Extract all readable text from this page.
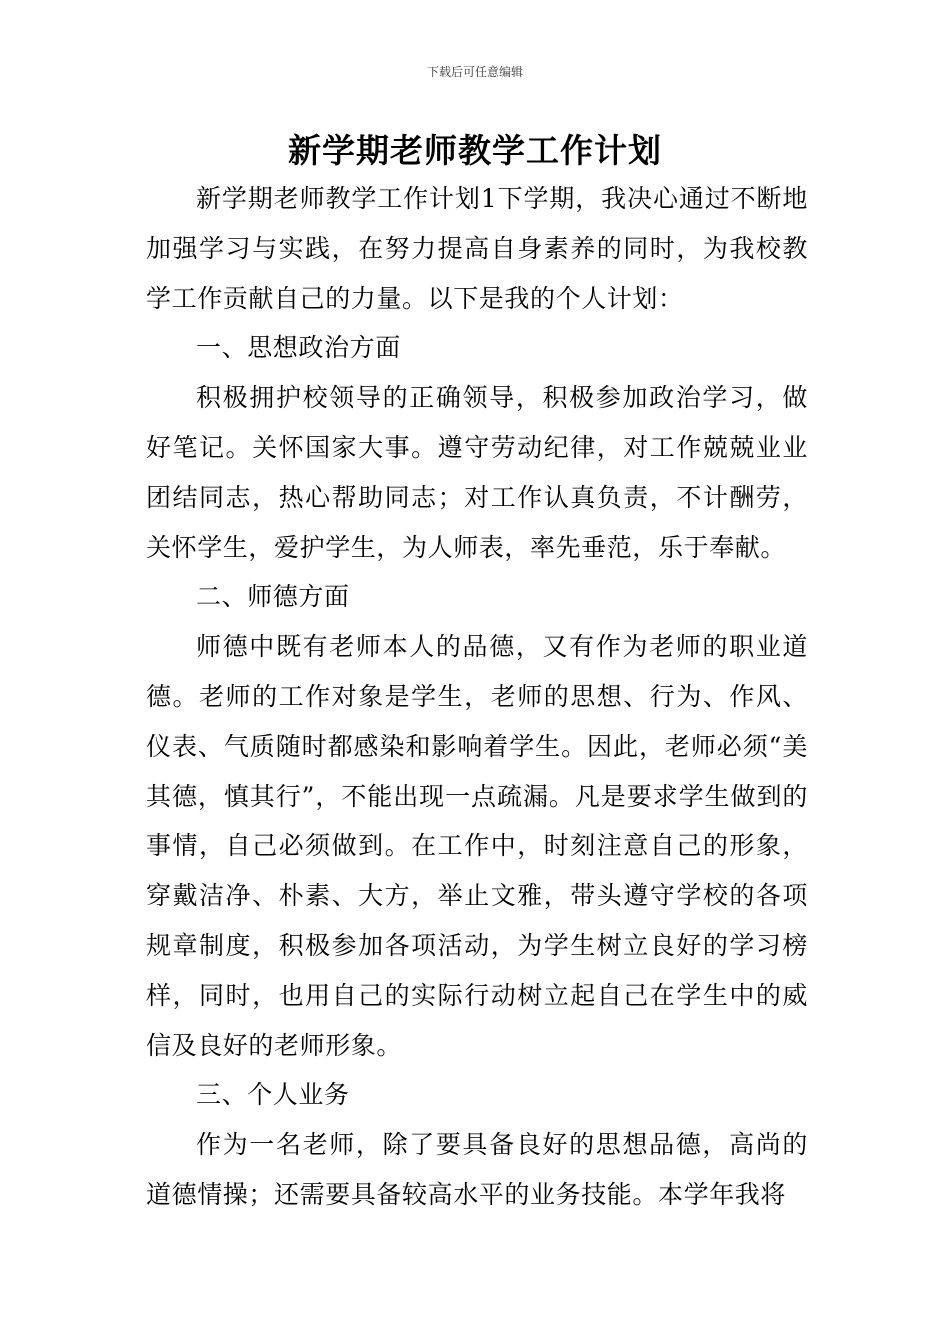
下载后可任意编辑
新学期老师教学工作计划

新学期老师教学工作计划1下学期，我决心通过不断地加强学习与实践，在努力提高自身素养的同时，为我校教学工作贡献自己的力量。以下是我的个人计划：

一、思想政治方面

积极拥护校领导的正确领导，积极参加政治学习，做好笔记。关怀国家大事。遵守劳动纪律，对工作兢兢业业团结同志，热心帮助同志；对工作认真负责，不计酬劳，关怀学生，爱护学生，为人师表，率先垂范，乐于奉献。

二、师德方面

师德中既有老师本人的品德，又有作为老师的职业道德。老师的工作对象是学生，老师的思想、行为、作风、仪表、气质随时都感染和影响着学生。因此，老师必须“美其德，慎其行”，不能出现一点疏漏。凡是要求学生做到的事情，自己必须做到。在工作中，时刻注意自己的形象，穿戴洁净、朴素、大方，举止文雅，带头遵守学校的各项规章制度，积极参加各项活动，为学生树立良好的学习榜样，同时，也用自己的实际行动树立起自己在学生中的威信及良好的老师形象。

三、个人业务

作为一名老师，除了要具备良好的思想品德，高尚的道德情操；还需要具备较高水平的业务技能。本学年我将
